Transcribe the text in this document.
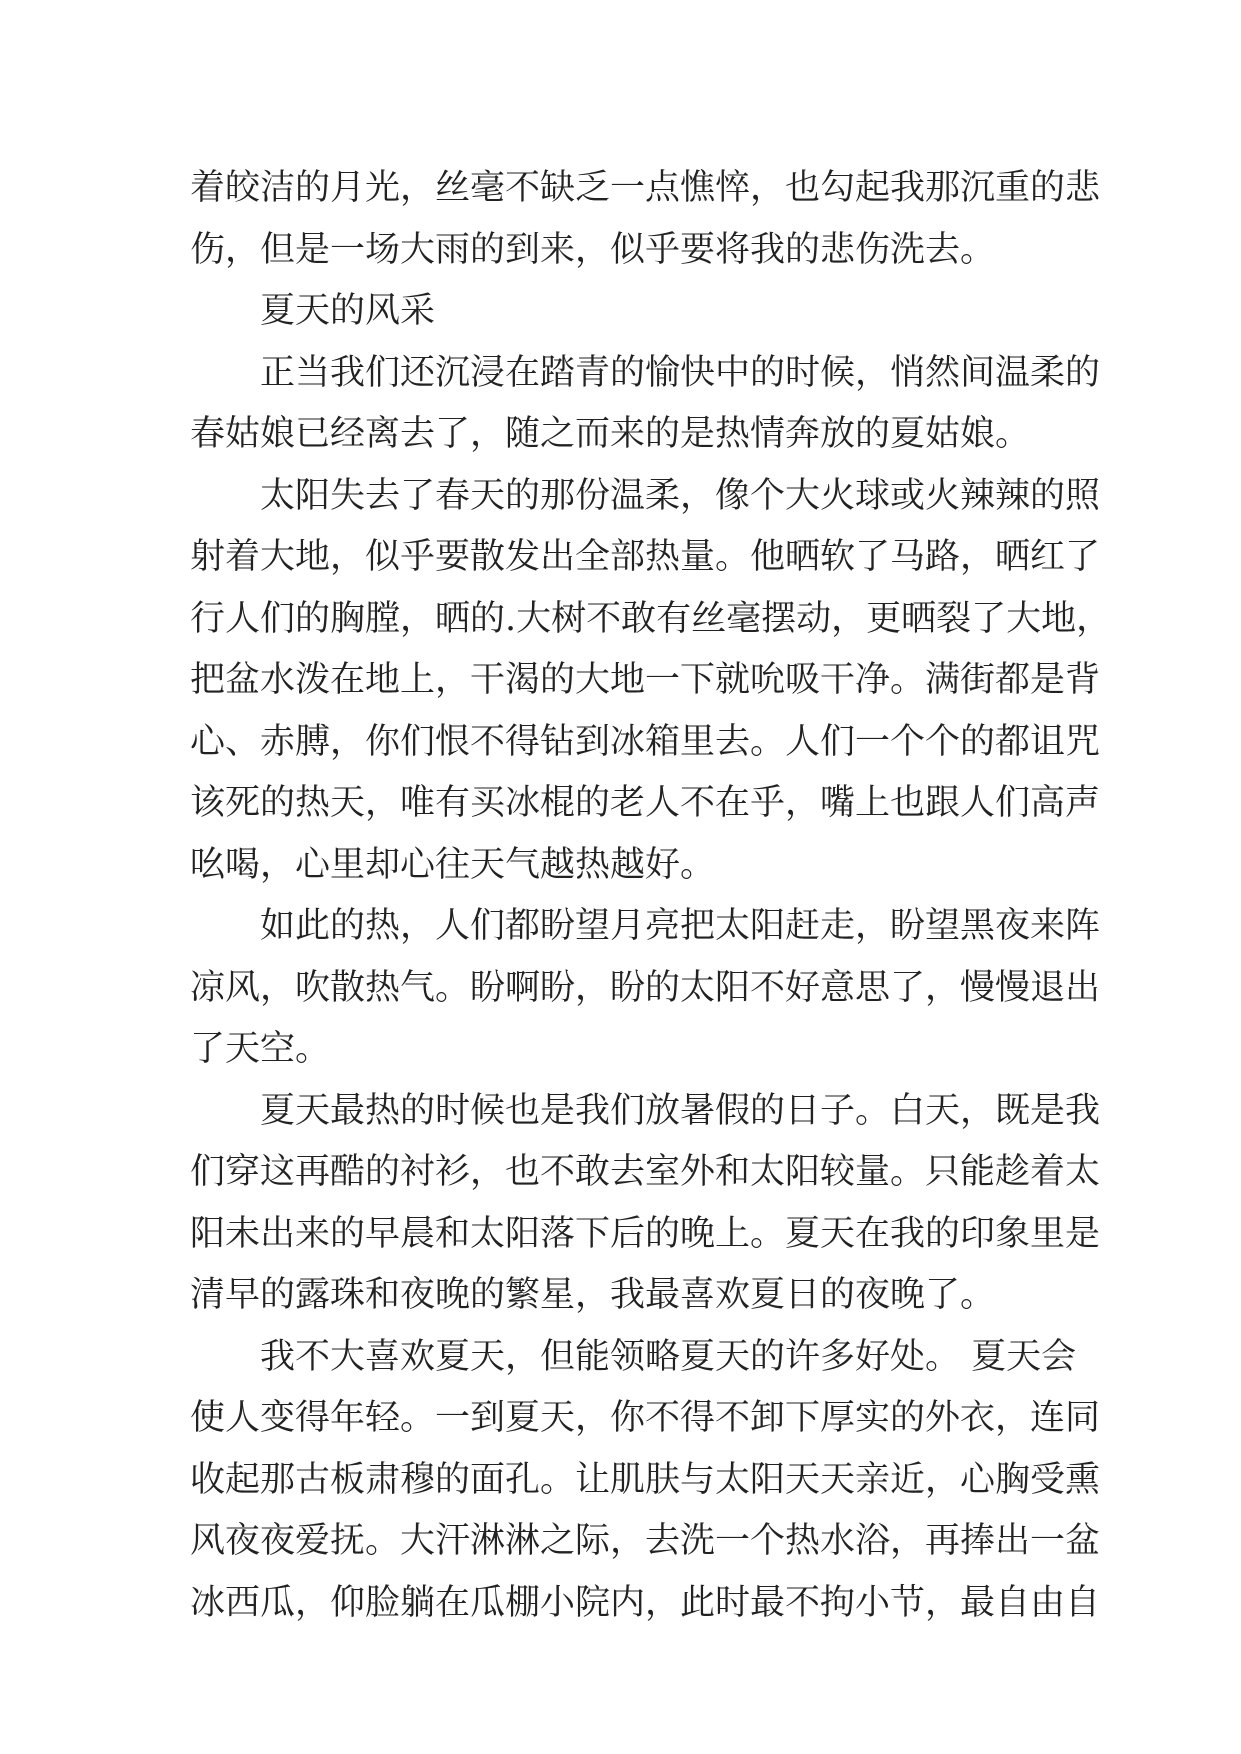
着皎洁的月光，丝毫不缺乏一点憔悴，也勾起我那沉重的悲
伤，但是一场大雨的到来，似乎要将我的悲伤洗去。
夏天的风采
正当我们还沉浸在踏青的愉快中的时候，悄然间温柔的
春姑娘已经离去了，随之而来的是热情奔放的夏姑娘。
太阳失去了春天的那份温柔，像个大火球或火辣辣的照
射着大地，似乎要散发出全部热量。他晒软了马路，晒红了
行人们的胸膛，晒的.大树不敢有丝毫摆动，更晒裂了大地，
把盆水泼在地上，干渴的大地一下就吮吸干净。满街都是背
心、赤膊，你们恨不得钻到冰箱里去。人们一个个的都诅咒
该死的热天，唯有买冰棍的老人不在乎，嘴上也跟人们高声
吆喝，心里却心往天气越热越好。
如此的热，人们都盼望月亮把太阳赶走，盼望黑夜来阵
凉风，吹散热气。盼啊盼，盼的太阳不好意思了，慢慢退出
了天空。
夏天最热的时候也是我们放暑假的日子。白天，既是我
们穿这再酷的衬衫，也不敢去室外和太阳较量。只能趁着太
阳未出来的早晨和太阳落下后的晚上。夏天在我的印象里是
清早的露珠和夜晚的繁星，我最喜欢夏日的夜晚了。
我不大喜欢夏天，但能领略夏天的许多好处。 夏天会
使人变得年轻。一到夏天，你不得不卸下厚实的外衣，连同
收起那古板肃穆的面孔。让肌肤与太阳天天亲近，心胸受熏
风夜夜爱抚。大汗淋淋之际，去洗一个热水浴，再捧出一盆
冰西瓜，仰脸躺在瓜棚小院内，此时最不拘小节，最自由自
